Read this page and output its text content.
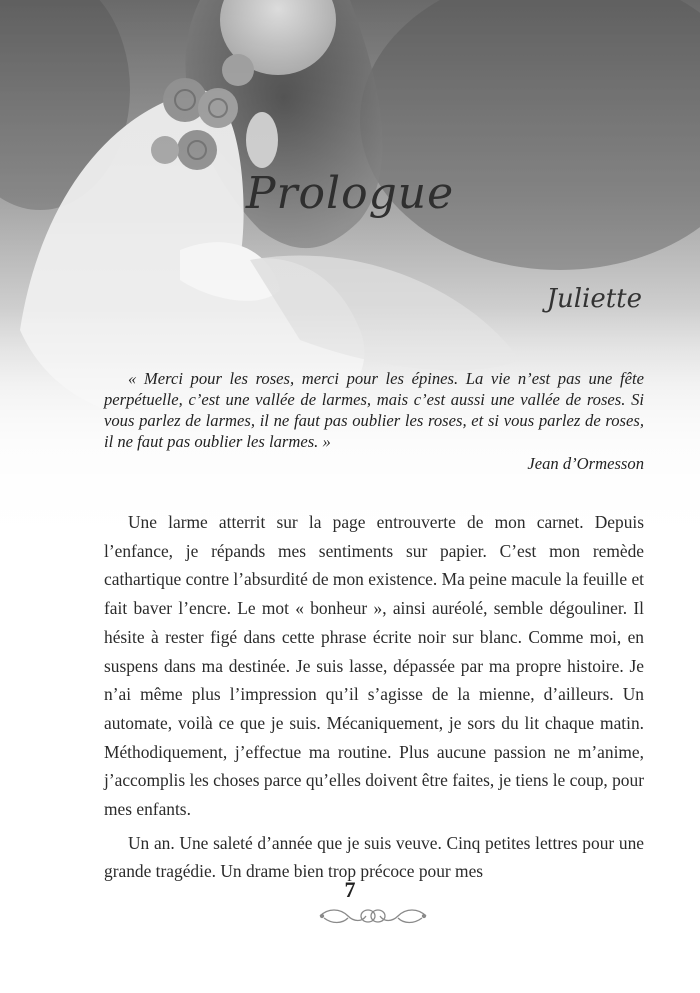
Prologue
Juliette
« Merci pour les roses, merci pour les épines. La vie n’est pas une fête perpétuelle, c’est une vallée de larmes, mais c’est aussi une vallée de roses. Si vous parlez de larmes, il ne faut pas oublier les roses, et si vous parlez de roses, il ne faut pas oublier les larmes. »
Jean d’Ormesson

Une larme atterrit sur la page entrouverte de mon carnet. Depuis l’enfance, je répands mes sentiments sur papier. C’est mon remède cathartique contre l’absurdité de mon existence. Ma peine macule la feuille et fait baver l’encre. Le mot « bonheur », ainsi auréolé, semble dégouliner. Il hésite à rester figé dans cette phrase écrite noir sur blanc. Comme moi, en suspens dans ma destinée. Je suis lasse, dépassée par ma propre histoire. Je n’ai même plus l’impression qu’il s’agisse de la mienne, d’ailleurs. Un automate, voilà ce que je suis. Mécaniquement, je sors du lit chaque matin. Méthodiquement, j’effectue ma routine. Plus aucune passion ne m’anime, j’accomplis les choses parce qu’elles doivent être faites, je tiens le coup, pour mes enfants.

Un an. Une saleté d’année que je suis veuve. Cinq petites lettres pour une grande tragédie. Un drame bien trop précoce pour mes

7
